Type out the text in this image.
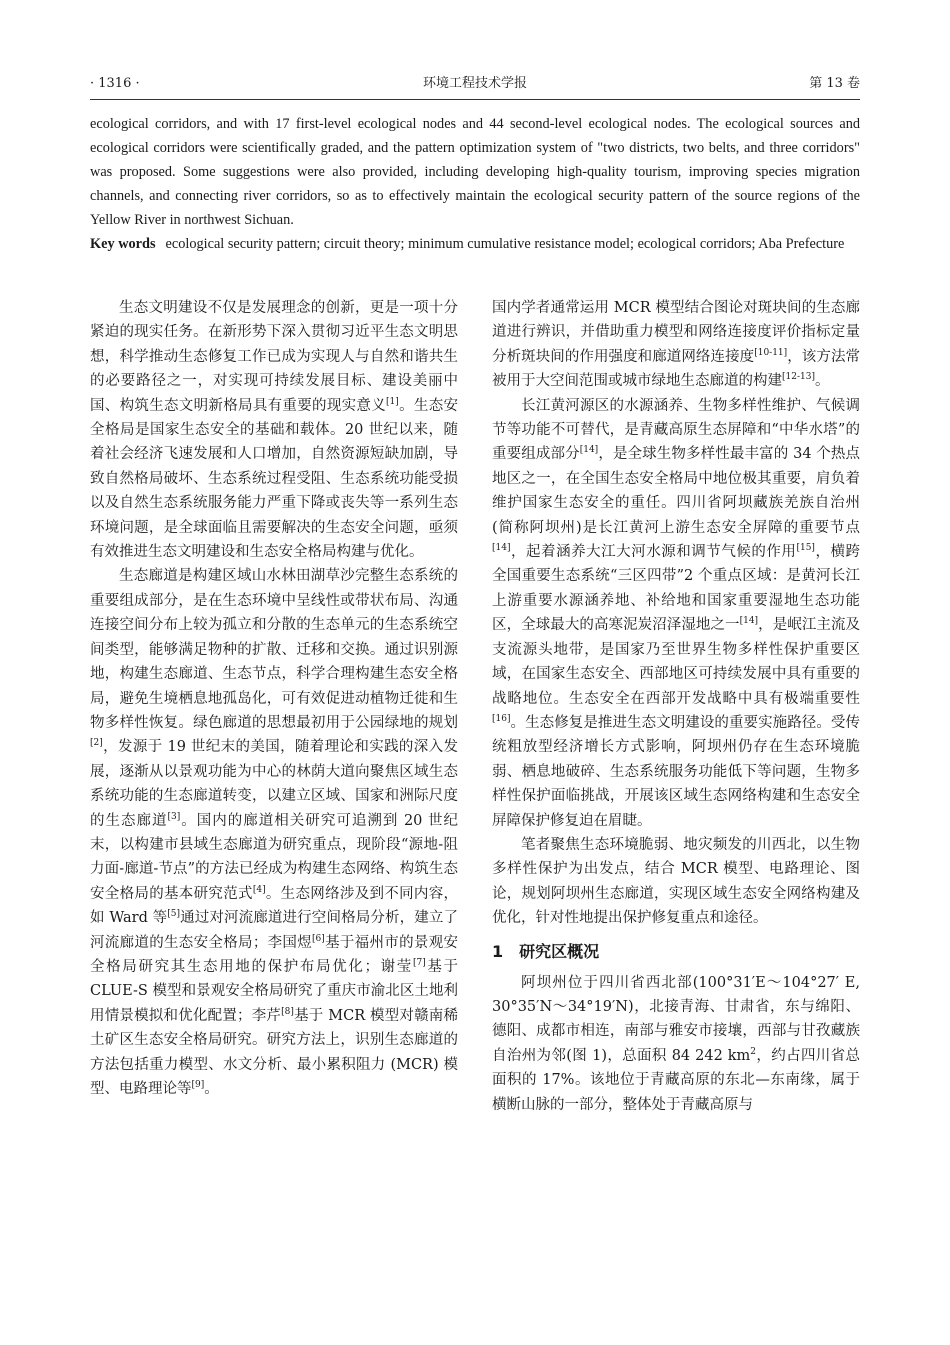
· 1316 ·	环境工程技术学报	第 13 卷

ecological corridors, and with 17 first-level ecological nodes and 44 second-level ecological nodes. The ecological sources and ecological corridors were scientifically graded, and the pattern optimization system of "two districts, two belts, and three corridors" was proposed. Some suggestions were also provided, including developing high-quality tourism, improving species migration channels, and connecting river corridors, so as to effectively maintain the ecological security pattern of the source regions of the Yellow River in northwest Sichuan.

Key words ecological security pattern; circuit theory; minimum cumulative resistance model; ecological corridors; Aba Prefecture

生态文明建设不仅是发展理念的创新，更是一项十分紧迫的现实任务。在新形势下深入贯彻习近平生态文明思想，科学推动生态修复工作已成为实现人与自然和谐共生的必要路径之一，对实现可持续发展目标、建设美丽中国、构筑生态文明新格局具有重要的现实意义[1]。生态安全格局是国家生态安全的基础和载体。20 世纪以来，随着社会经济飞速发展和人口增加，自然资源短缺加剧，导致自然格局破坏、生态系统过程受阻、生态系统功能受损以及自然生态系统服务能力严重下降或丧失等一系列生态环境问题，是全球面临且需要解决的生态安全问题，亟须有效推进生态文明建设和生态安全格局构建与优化。

生态廊道是构建区域山水林田湖草沙完整生态系统的重要组成部分，是在生态环境中呈线性或带状布局、沟通连接空间分布上较为孤立和分散的生态单元的生态系统空间类型，能够满足物种的扩散、迁移和交换。通过识别源地，构建生态廊道、生态节点，科学合理构建生态安全格局，避免生境栖息地孤岛化，可有效促进动植物迁徙和生物多样性恢复。绿色廊道的思想最初用于公园绿地的规划[2]，发源于 19 世纪末的美国，随着理论和实践的深入发展，逐渐从以景观功能为中心的林荫大道向聚焦区域生态系统功能的生态廊道转变，以建立区域、国家和洲际尺度的生态廊道[3]。国内的廊道相关研究可追溯到 20 世纪末，以构建市县域生态廊道为研究重点，现阶段“源地-阻力面-廊道-节点”的方法已经成为构建生态网络、构筑生态安全格局的基本研究范式[4]。生态网络涉及到不同内容，如 Ward 等[5]通过对河流廊道进行空间格局分析，建立了河流廊道的生态安全格局；李国煜[6]基于福州市的景观安全格局研究其生态用地的保护布局优化；谢莹[7]基于 CLUE-S 模型和景观安全格局研究了重庆市渝北区土地利用情景模拟和优化配置；李芹[8]基于 MCR 模型对赣南稀土矿区生态安全格局研究。研究方法上，识别生态廊道的方法包括重力模型、水文分析、最小累积阻力 (MCR) 模型、电路理论等[9]。

国内学者通常运用 MCR 模型结合图论对斑块间的生态廊道进行辨识，并借助重力模型和网络连接度评价指标定量分析斑块间的作用强度和廊道网络连接度[10-11]，该方法常被用于大空间范围或城市绿地生态廊道的构建[12-13]。

长江黄河源区的水源涵养、生物多样性维护、气候调节等功能不可替代，是青藏高原生态屏障和“中华水塔”的重要组成部分[14]，是全球生物多样性最丰富的 34 个热点地区之一，在全国生态安全格局中地位极其重要，肩负着维护国家生态安全的重任。四川省阿坝藏族羌族自治州(简称阿坝州)是长江黄河上游生态安全屏障的重要节点[14]，起着涵养大江大河水源和调节气候的作用[15]，横跨全国重要生态系统“三区四带”2 个重点区域：是黄河长江上游重要水源涵养地、补给地和国家重要湿地生态功能区，全球最大的高寒泥炭沼泽湿地之一[14]，是岷江主流及支流源头地带，是国家乃至世界生物多样性保护重要区域，在国家生态安全、西部地区可持续发展中具有重要的战略地位。生态安全在西部开发战略中具有极端重要性[16]。生态修复是推进生态文明建设的重要实施路径。受传统粗放型经济增长方式影响，阿坝州仍存在生态环境脆弱、栖息地破碎、生态系统服务功能低下等问题，生物多样性保护面临挑战，开展该区域生态网络构建和生态安全屏障保护修复迫在眉睫。

笔者聚焦生态环境脆弱、地灾频发的川西北，以生物多样性保护为出发点，结合 MCR 模型、电路理论、图论，规划阿坝州生态廊道，实现区域生态安全网络构建及优化，针对性地提出保护修复重点和途径。

1 研究区概况

阿坝州位于四川省西北部(100°31′E～104°27′ E, 30°35′N～34°19′N)，北接青海、甘肃省，东与绵阳、德阳、成都市相连，南部与雅安市接壤，西部与甘孜藏族自治州为邻(图 1)，总面积 84 242 $km^2$，约占四川省总面积的 17%。该地位于青藏高原的东北—东南缘，属于横断山脉的一部分，整体处于青藏高原与
